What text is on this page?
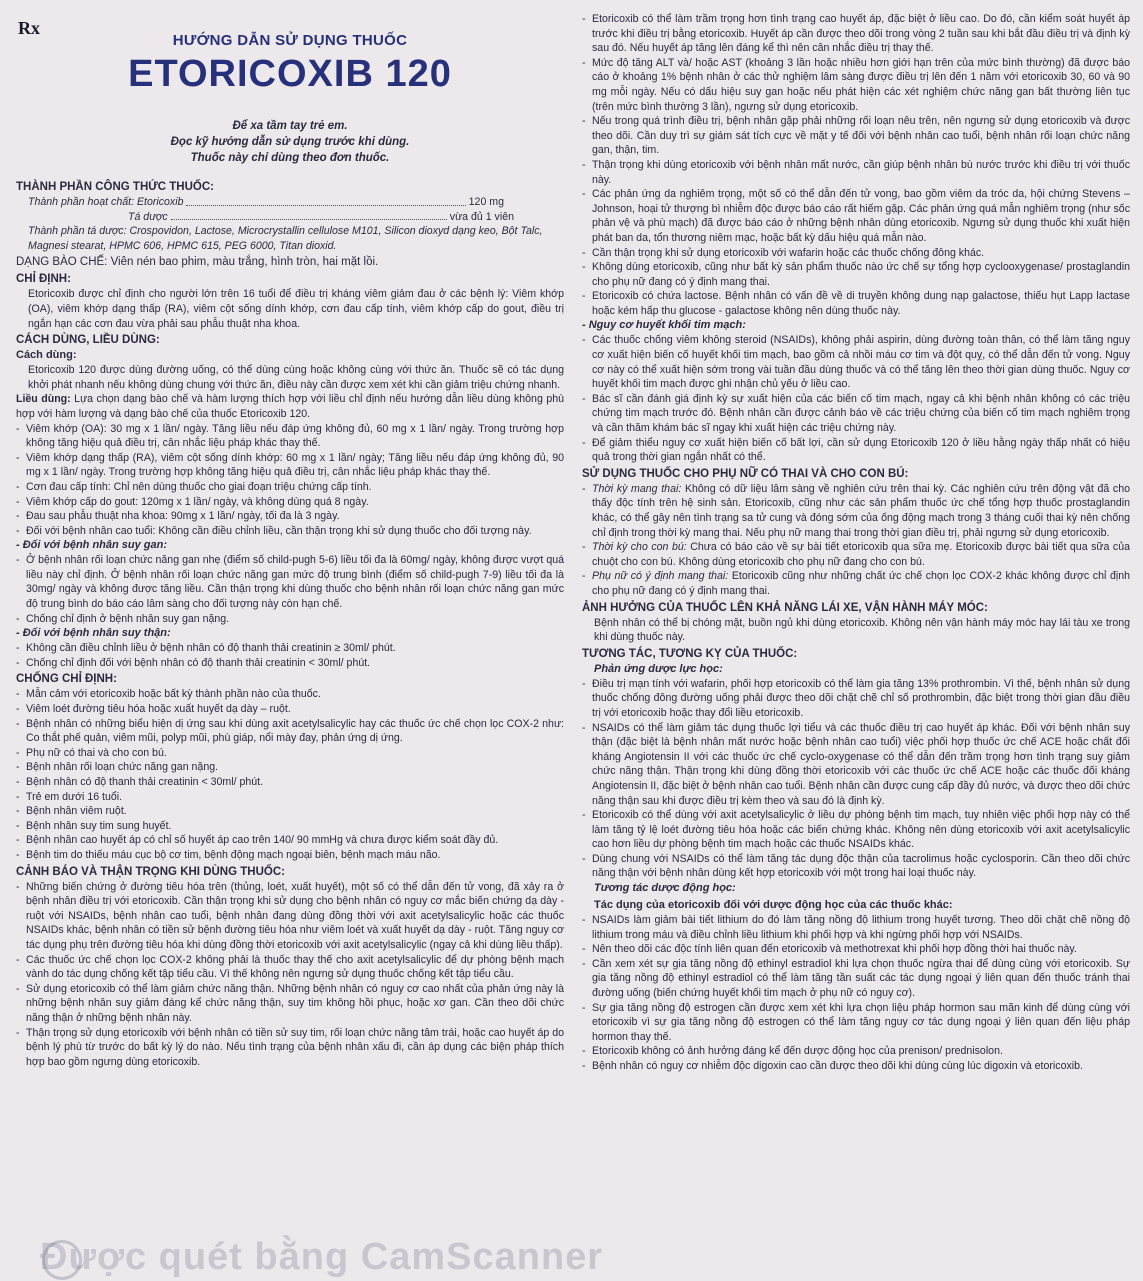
Rx
HƯỚNG DẪN SỬ DỤNG THUỐC
ETORICOXIB 120
Để xa tầm tay trẻ em.
Đọc kỹ hướng dẫn sử dụng trước khi dùng.
Thuốc này chỉ dùng theo đơn thuốc.
THÀNH PHẦN CÔNG THỨC THUỐC:
Thành phần hoạt chất: Etoricoxib	120 mg
Tá dược	vừa đủ 1 viên
Thành phần tá dược: Crospovidon, Lactose, Microcrystallin cellulose M101, Silicon dioxyd dạng keo, Bột Talc, Magnesi stearat, HPMC 606, HPMC 615, PEG 6000, Titan dioxid.
DẠNG BÀO CHẾ: Viên nén bao phim, màu trắng, hình tròn, hai mặt lồi.
CHỈ ĐỊNH:
Etoricoxib được chỉ định cho người lớn trên 16 tuổi để điều trị kháng viêm giảm đau ở các bệnh lý: Viêm khớp (OA), viêm khớp dạng thấp (RA), viêm cột sống dính khớp, cơn đau cấp tính, viêm khớp cấp do gout, điều trị ngắn hạn các cơn đau vừa phải sau phẫu thuật nha khoa.
CÁCH DÙNG, LIỀU DÙNG:
Cách dùng:
Etoricoxib 120 được dùng đường uống, có thể dùng cùng hoặc không cùng với thức ăn. Thuốc sẽ có tác dụng khởi phát nhanh nếu không dùng chung với thức ăn, điều này cần được xem xét khi cần giảm triệu chứng nhanh.
Liều dùng: Lựa chọn dạng bào chế và hàm lượng thích hợp với liều chỉ định nếu hướng dẫn liều dùng không phù hợp với hàm lượng và dạng bào chế của thuốc Etoricoxib 120.
- Viêm khớp (OA): 30 mg x 1 lần/ ngày. Tăng liều nếu đáp ứng không đủ, 60 mg x 1 lần/ ngày. Trong trường hợp không tăng hiệu quả điều trị, cân nhắc liệu pháp khác thay thế.
- Viêm khớp dạng thấp (RA), viêm cột sống dính khớp: 60 mg x 1 lần/ ngày; Tăng liều nếu đáp ứng không đủ, 90 mg x 1 lần/ ngày. Trong trường hợp không tăng hiệu quả điều trị, cân nhắc liệu pháp khác thay thế.
- Cơn đau cấp tính: Chỉ nên dùng thuốc cho giai đoạn triệu chứng cấp tính.
- Viêm khớp cấp do gout: 120mg x 1 lần/ ngày, và không dùng quá 8 ngày.
- Đau sau phẫu thuật nha khoa: 90mg x 1 lần/ ngày, tối đa là 3 ngày.
- Đối với bệnh nhân cao tuổi: Không cần điều chỉnh liều, cần thận trọng khi sử dụng thuốc cho đối tượng này.
- Đối với bệnh nhân suy gan:
- Ở bệnh nhân rối loạn chức năng gan nhẹ (điểm số child-pugh 5-6) liều tối đa là 60mg/ ngày, không được vượt quá liều này chỉ định. Ở bệnh nhân rối loạn chức năng gan mức độ trung bình (điểm số child-pugh 7-9) liều tối đa là 30mg/ ngày và không được tăng liều. Cần thận trọng khi dùng thuốc cho bệnh nhân rối loạn chức năng gan mức độ trung bình do báo cáo lâm sàng cho đối tượng này còn hạn chế.
- Chống chỉ định ở bệnh nhân suy gan nặng.
- Đối với bệnh nhân suy thận:
- Không cần điều chỉnh liều ở bệnh nhân có độ thanh thải creatinin ≥ 30ml/ phút.
- Chống chỉ định đối với bệnh nhân có độ thanh thải creatinin < 30ml/ phút.
CHỐNG CHỈ ĐỊNH:
- Mẫn cảm với etoricoxib hoặc bất kỳ thành phần nào của thuốc.
- Viêm loét đường tiêu hóa hoặc xuất huyết dạ dày – ruột.
- Bệnh nhân có những biểu hiện dị ứng sau khi dùng axit acetylsalicylic hay các thuốc ức chế chọn lọc COX-2 như: Co thắt phế quản, viêm mũi, polyp mũi, phù giáp, nổi mày đay, phản ứng dị ứng.
- Phụ nữ có thai và cho con bú.
- Bệnh nhân rối loạn chức năng gan nặng.
- Bệnh nhân có độ thanh thải creatinin < 30ml/ phút.
- Trẻ em dưới 16 tuổi.
- Bệnh nhân viêm ruột.
- Bệnh nhân suy tim sung huyết.
- Bệnh nhân cao huyết áp có chỉ số huyết áp cao trên 140/ 90 mmHg và chưa được kiểm soát đầy đủ.
- Bệnh tim do thiếu máu cục bộ cơ tim, bệnh động mạch ngoại biên, bệnh mạch máu não.
CẢNH BÁO VÀ THẬN TRỌNG KHI DÙNG THUỐC:
- Những biến chứng ở đường tiêu hóa trên (thủng, loét, xuất huyết), một số có thể dẫn đến tử vong, đã xảy ra ở bệnh nhân điều trị với etoricoxib. Cần thận trọng khi sử dụng cho bệnh nhân có nguy cơ mắc biến chứng dạ dày - ruột với NSAIDs, bệnh nhân cao tuổi, bệnh nhân đang dùng đồng thời với axit acetylsalicylic hoặc các thuốc NSAIDs khác, bệnh nhân có tiền sử bệnh đường tiêu hóa như viêm loét và xuất huyết dạ dày - ruột. Tăng nguy cơ tác dụng phụ trên đường tiêu hóa khi dùng đồng thời etoricoxib với axit acetylsalicylic (ngay cả khi dùng liều thấp).
- Các thuốc ức chế chọn lọc COX-2 không phải là thuốc thay thế cho axit acetylsalicylic để dự phòng bệnh mạch vành do tác dụng chống kết tập tiểu cầu. Vì thế không nên ngưng sử dụng thuốc chống kết tập tiểu cầu.
- Sử dụng etoricoxib có thể làm giảm chức năng thận. Những bệnh nhân có nguy cơ cao nhất của phản ứng này là những bệnh nhân suy giảm đáng kể chức năng thận, suy tim không hồi phục, hoặc xơ gan. Cần theo dõi chức năng thận ở những bệnh nhân này.
- Thận trọng sử dụng etoricoxib với bệnh nhân có tiền sử suy tim, rối loạn chức năng tâm trái, hoặc cao huyết áp do bệnh lý phù từ trước do bất kỳ lý do nào. Nếu tình trạng của bệnh nhân xấu đi, cần áp dụng các biện pháp thích hợp bao gồm ngưng dùng etoricoxib.
- Etoricoxib có thể làm trầm trọng hơn tình trạng cao huyết áp, đặc biệt ở liều cao. Do đó, cần kiểm soát huyết áp trước khi điều trị bằng etoricoxib. Huyết áp cần được theo dõi trong vòng 2 tuần sau khi bắt đầu điều trị và định kỳ sau đó. Nếu huyết áp tăng lên đáng kể thì nên cân nhắc điều trị thay thế.
- Mức độ tăng ALT và/ hoặc AST (khoảng 3 lần hoặc nhiều hơn giới hạn trên của mức bình thường) đã được báo cáo ở khoảng 1% bệnh nhân ở các thử nghiệm lâm sàng được điều trị lên đến 1 năm với etoricoxib 30, 60 và 90 mg mỗi ngày. Nếu có dấu hiệu suy gan hoặc nếu phát hiện các xét nghiệm chức năng gan bất thường liên tục (trên mức bình thường 3 lần), ngưng sử dụng etoricoxib.
- Nếu trong quá trình điều trị, bệnh nhân gặp phải những rối loạn nêu trên, nên ngưng sử dụng etoricoxib và được theo dõi. Cần duy trì sự giám sát tích cực về mặt y tế đối với bệnh nhân cao tuổi, bệnh nhân rối loạn chức năng gan, thận, tim.
- Thận trọng khi dùng etoricoxib với bệnh nhân mất nước, cần giúp bệnh nhân bù nước trước khi điều trị với thuốc này.
- Các phản ứng da nghiêm trọng, một số có thể dẫn đến tử vong, bao gồm viêm da tróc da, hội chứng Stevens – Johnson, hoại tử thượng bì nhiễm độc được báo cáo rất hiếm gặp. Các phản ứng quá mẫn nghiêm trọng (như sốc phản vệ và phù mạch) đã được báo cáo ở những bệnh nhân dùng etoricoxib. Ngưng sử dụng thuốc khi xuất hiện phát ban da, tổn thương niêm mạc, hoặc bất kỳ dấu hiệu quá mẫn nào.
- Cần thận trọng khi sử dụng etoricoxib với wafarin hoặc các thuốc chống đông khác.
- Không dùng etoricoxib, cũng như bất kỳ sản phẩm thuốc nào ức chế sự tổng hợp cyclooxygenase/ prostaglandin cho phụ nữ đang có ý định mang thai.
- Etoricoxib có chứa lactose. Bệnh nhân có vấn đề về di truyền không dung nạp galactose, thiếu hụt Lapp lactase hoặc kém hấp thu glucose - galactose không nên dùng thuốc này.
- Nguy cơ huyết khối tim mạch:
- Các thuốc chống viêm không steroid (NSAIDs), không phải aspirin, dùng đường toàn thân, có thể làm tăng nguy cơ xuất hiện biến cố huyết khối tim mạch, bao gồm cả nhồi máu cơ tim và đột quỵ, có thể dẫn đến tử vong. Nguy cơ này có thể xuất hiện sớm trong vài tuần đầu dùng thuốc và có thể tăng lên theo thời gian dùng thuốc. Nguy cơ huyết khối tim mạch được ghi nhận chủ yếu ở liều cao.
- Bác sĩ cần đánh giá định kỳ sự xuất hiện của các biến cố tim mạch, ngay cả khi bệnh nhân không có các triệu chứng tim mạch trước đó. Bệnh nhân cần được cảnh báo về các triệu chứng của biến cố tim mạch nghiêm trọng và cần thăm khám bác sĩ ngay khi xuất hiện các triệu chứng này.
- Để giảm thiểu nguy cơ xuất hiện biến cố bất lợi, cần sử dụng Etoricoxib 120 ở liều hằng ngày thấp nhất có hiệu quả trong thời gian ngắn nhất có thể.
SỬ DỤNG THUỐC CHO PHỤ NỮ CÓ THAI VÀ CHO CON BÚ:
- Thời kỳ mang thai: Không có dữ liệu lâm sàng về nghiên cứu trên thai kỳ. Các nghiên cứu trên động vật đã cho thấy độc tính trên hệ sinh sản. Etoricoxib, cũng như các sản phẩm thuốc ức chế tổng hợp thuốc prostaglandin khác, có thể gây nên tình trạng sa tử cung và đóng sớm của ống động mạch trong 3 tháng cuối thai kỳ nên chống chỉ định trong thời kỳ mang thai. Nếu phụ nữ mang thai trong thời gian điều trị, phải ngưng sử dụng etoricoxib.
- Thời kỳ cho con bú: Chưa có báo cáo về sự bài tiết etoricoxib qua sữa mẹ. Etoricoxib được bài tiết qua sữa của chuột cho con bú. Không dùng etoricoxib cho phụ nữ đang cho con bú.
- Phụ nữ có ý định mang thai: Etoricoxib cũng như những chất ức chế chọn lọc COX-2 khác không được chỉ định cho phụ nữ đang có ý định mang thai.
ẢNH HƯỞNG CỦA THUỐC LÊN KHẢ NĂNG LÁI XE, VẬN HÀNH MÁY MÓC:
Bệnh nhân có thể bị chóng mặt, buồn ngủ khi dùng etoricoxib. Không nên vận hành máy móc hay lái tàu xe trong khi dùng thuốc này.
TƯƠNG TÁC, TƯƠNG KỴ CỦA THUỐC:
Phản ứng dược lực học:
- Điều trị mạn tính với wafarin, phối hợp etoricoxib có thể làm gia tăng 13% prothrombin. Vì thế, bệnh nhân sử dụng thuốc chống đông đường uống phải được theo dõi chặt chẽ chỉ số prothrombin, đặc biệt trong thời gian đầu điều trị với etoricoxib hoặc thay đổi liều etoricoxib.
- NSAIDs có thể làm giảm tác dụng thuốc lợi tiểu và các thuốc điều trị cao huyết áp khác. Đối với bệnh nhân suy thận (đặc biệt là bệnh nhân mất nước hoặc bệnh nhân cao tuổi) việc phối hợp thuốc ức chế ACE hoặc chất đối kháng Angiotensin II với các thuốc ức chế cyclo-oxygenase có thể dẫn đến trầm trọng hơn tình trạng suy giảm chức năng thận. Thận trọng khi dùng đồng thời etoricoxib với các thuốc ức chế ACE hoặc các thuốc đối kháng Angiotensin II, đặc biệt ở bệnh nhân cao tuổi. Bệnh nhân cần được cung cấp đầy đủ nước, và được theo dõi chức năng thận sau khi được điều trị kèm theo và sau đó là định kỳ.
- Etoricoxib có thể dùng với axit acetylsalicylic ở liều dự phòng bệnh tim mạch, tuy nhiên việc phối hợp này có thể làm tăng tỷ lệ loét đường tiêu hóa hoặc các biến chứng khác. Không nên dùng etoricoxib với axit acetylsalicylic cao hơn liều dự phòng bệnh tim mạch hoặc các thuốc NSAIDs khác.
- Dùng chung với NSAIDs có thể làm tăng tác dụng độc thận của tacrolimus hoặc cyclosporin. Cần theo dõi chức năng thận với bệnh nhân dùng kết hợp etoricoxib với một trong hai loại thuốc này.
Tương tác dược động học:
Tác dụng của etoricoxib đối với dược động học của các thuốc khác:
- NSAIDs làm giảm bài tiết lithium do đó làm tăng nồng độ lithium trong huyết tương. Theo dõi chặt chẽ nồng độ lithium trong máu và điều chỉnh liều lithium khi phối hợp và khi ngừng phối hợp với NSAIDs.
- Nên theo dõi các độc tính liên quan đến etoricoxib và methotrexat khi phối hợp đồng thời hai thuốc này.
- Cần xem xét sự gia tăng nồng độ ethinyl estradiol khi lựa chọn thuốc ngừa thai để dùng cùng với etoricoxib. Sự gia tăng nồng độ ethinyl estradiol có thể làm tăng tần suất các tác dụng ngoại ý liên quan đến thuốc tránh thai đường uống (biến chứng huyết khối tim mạch ở phụ nữ có nguy cơ).
- Sự gia tăng nồng độ estrogen cần được xem xét khi lựa chọn liệu pháp hormon sau mãn kinh để dùng cùng với etoricoxib vì sự gia tăng nồng độ estrogen có thể làm tăng nguy cơ tác dụng ngoại ý liên quan đến liệu pháp hormon thay thế.
- Etoricoxib không có ảnh hưởng đáng kể đến dược động học của prenison/ prednisolon.
- Bệnh nhân có nguy cơ nhiễm độc digoxin cao cần được theo dõi khi dùng cùng lúc digoxin và etoricoxib.
Được quét bằng CamScanner
